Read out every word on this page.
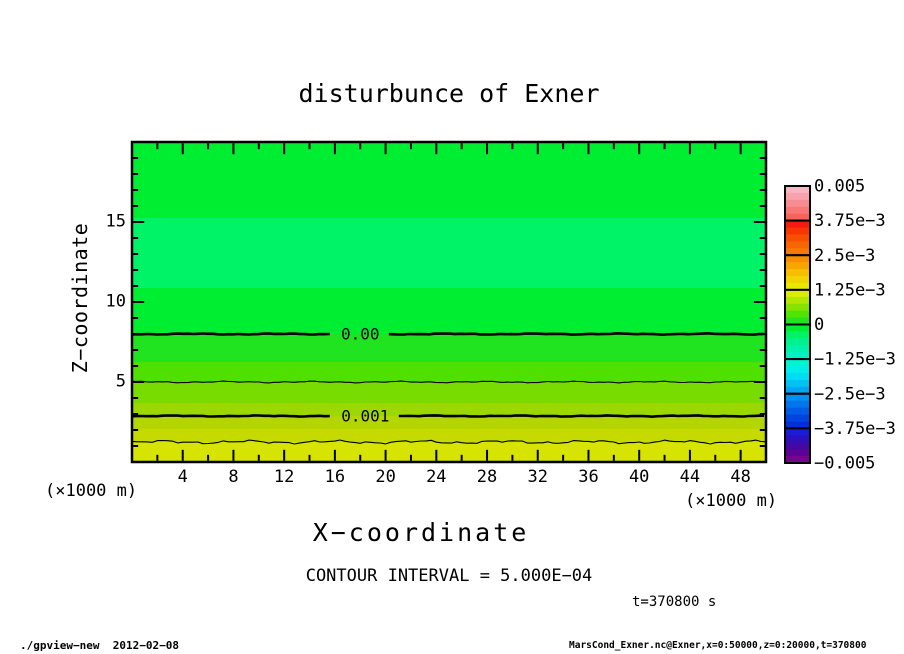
0.00
0.001
0.005
3.75e−3
2.5e−3
1.25e−3
0
−1.25e−3
−2.5e−3
−3.75e−3
−0.005
disturbunce of Exner
Z−coordinate
X−coordinate
(×1000 m)	(×1000 m)
CONTOUR INTERVAL = 5.000E−04
t=370800 s
./gpview−new  2012−02−08	MarsCond_Exner.nc@Exner,x=0:50000,z=0:20000,t=370800
4 8 12 16 20 24 28 32 36 40 44 48
5
10
15
